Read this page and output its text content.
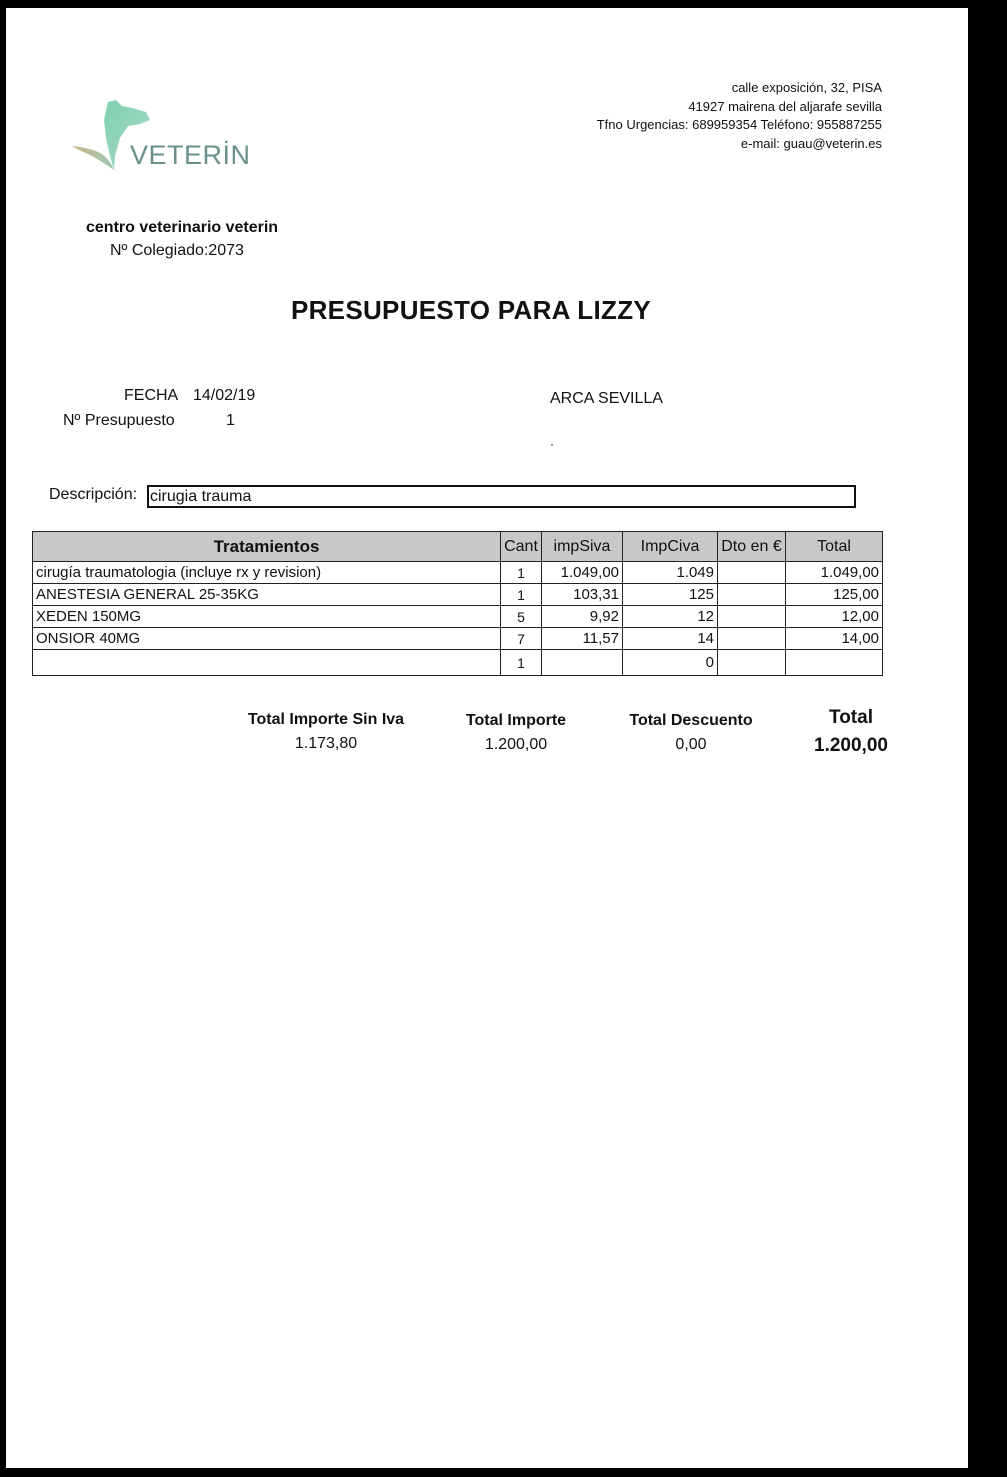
VETERİN
calle exposición, 32, PISA
41927 mairena del aljarafe sevilla
Tfno Urgencias: 689959354 Teléfono: 955887255
e-mail: guau@veterin.es
centro veterinario veterin
Nº Colegiado:2073
PRESUPUESTO PARA LIZZY
FECHA 14/02/19
Nº Presupuesto	1
ARCA SEVILLA
Descripción: cirugia trauma
Tratamientos	Cant	impSiva	ImpCiva	Dto en €	Total
cirugía traumatologia (incluye rx y revision)	1	1.049,00	1.049		1.049,00
ANESTESIA GENERAL 25-35KG	1	103,31	125		125,00
XEDEN 150MG	5	9,92	12		12,00
ONSIOR 40MG	7	11,57	14		14,00
	1		0		
Total Importe Sin Iva
1.173,80
Total Importe
1.200,00
Total Descuento
0,00
Total
1.200,00
